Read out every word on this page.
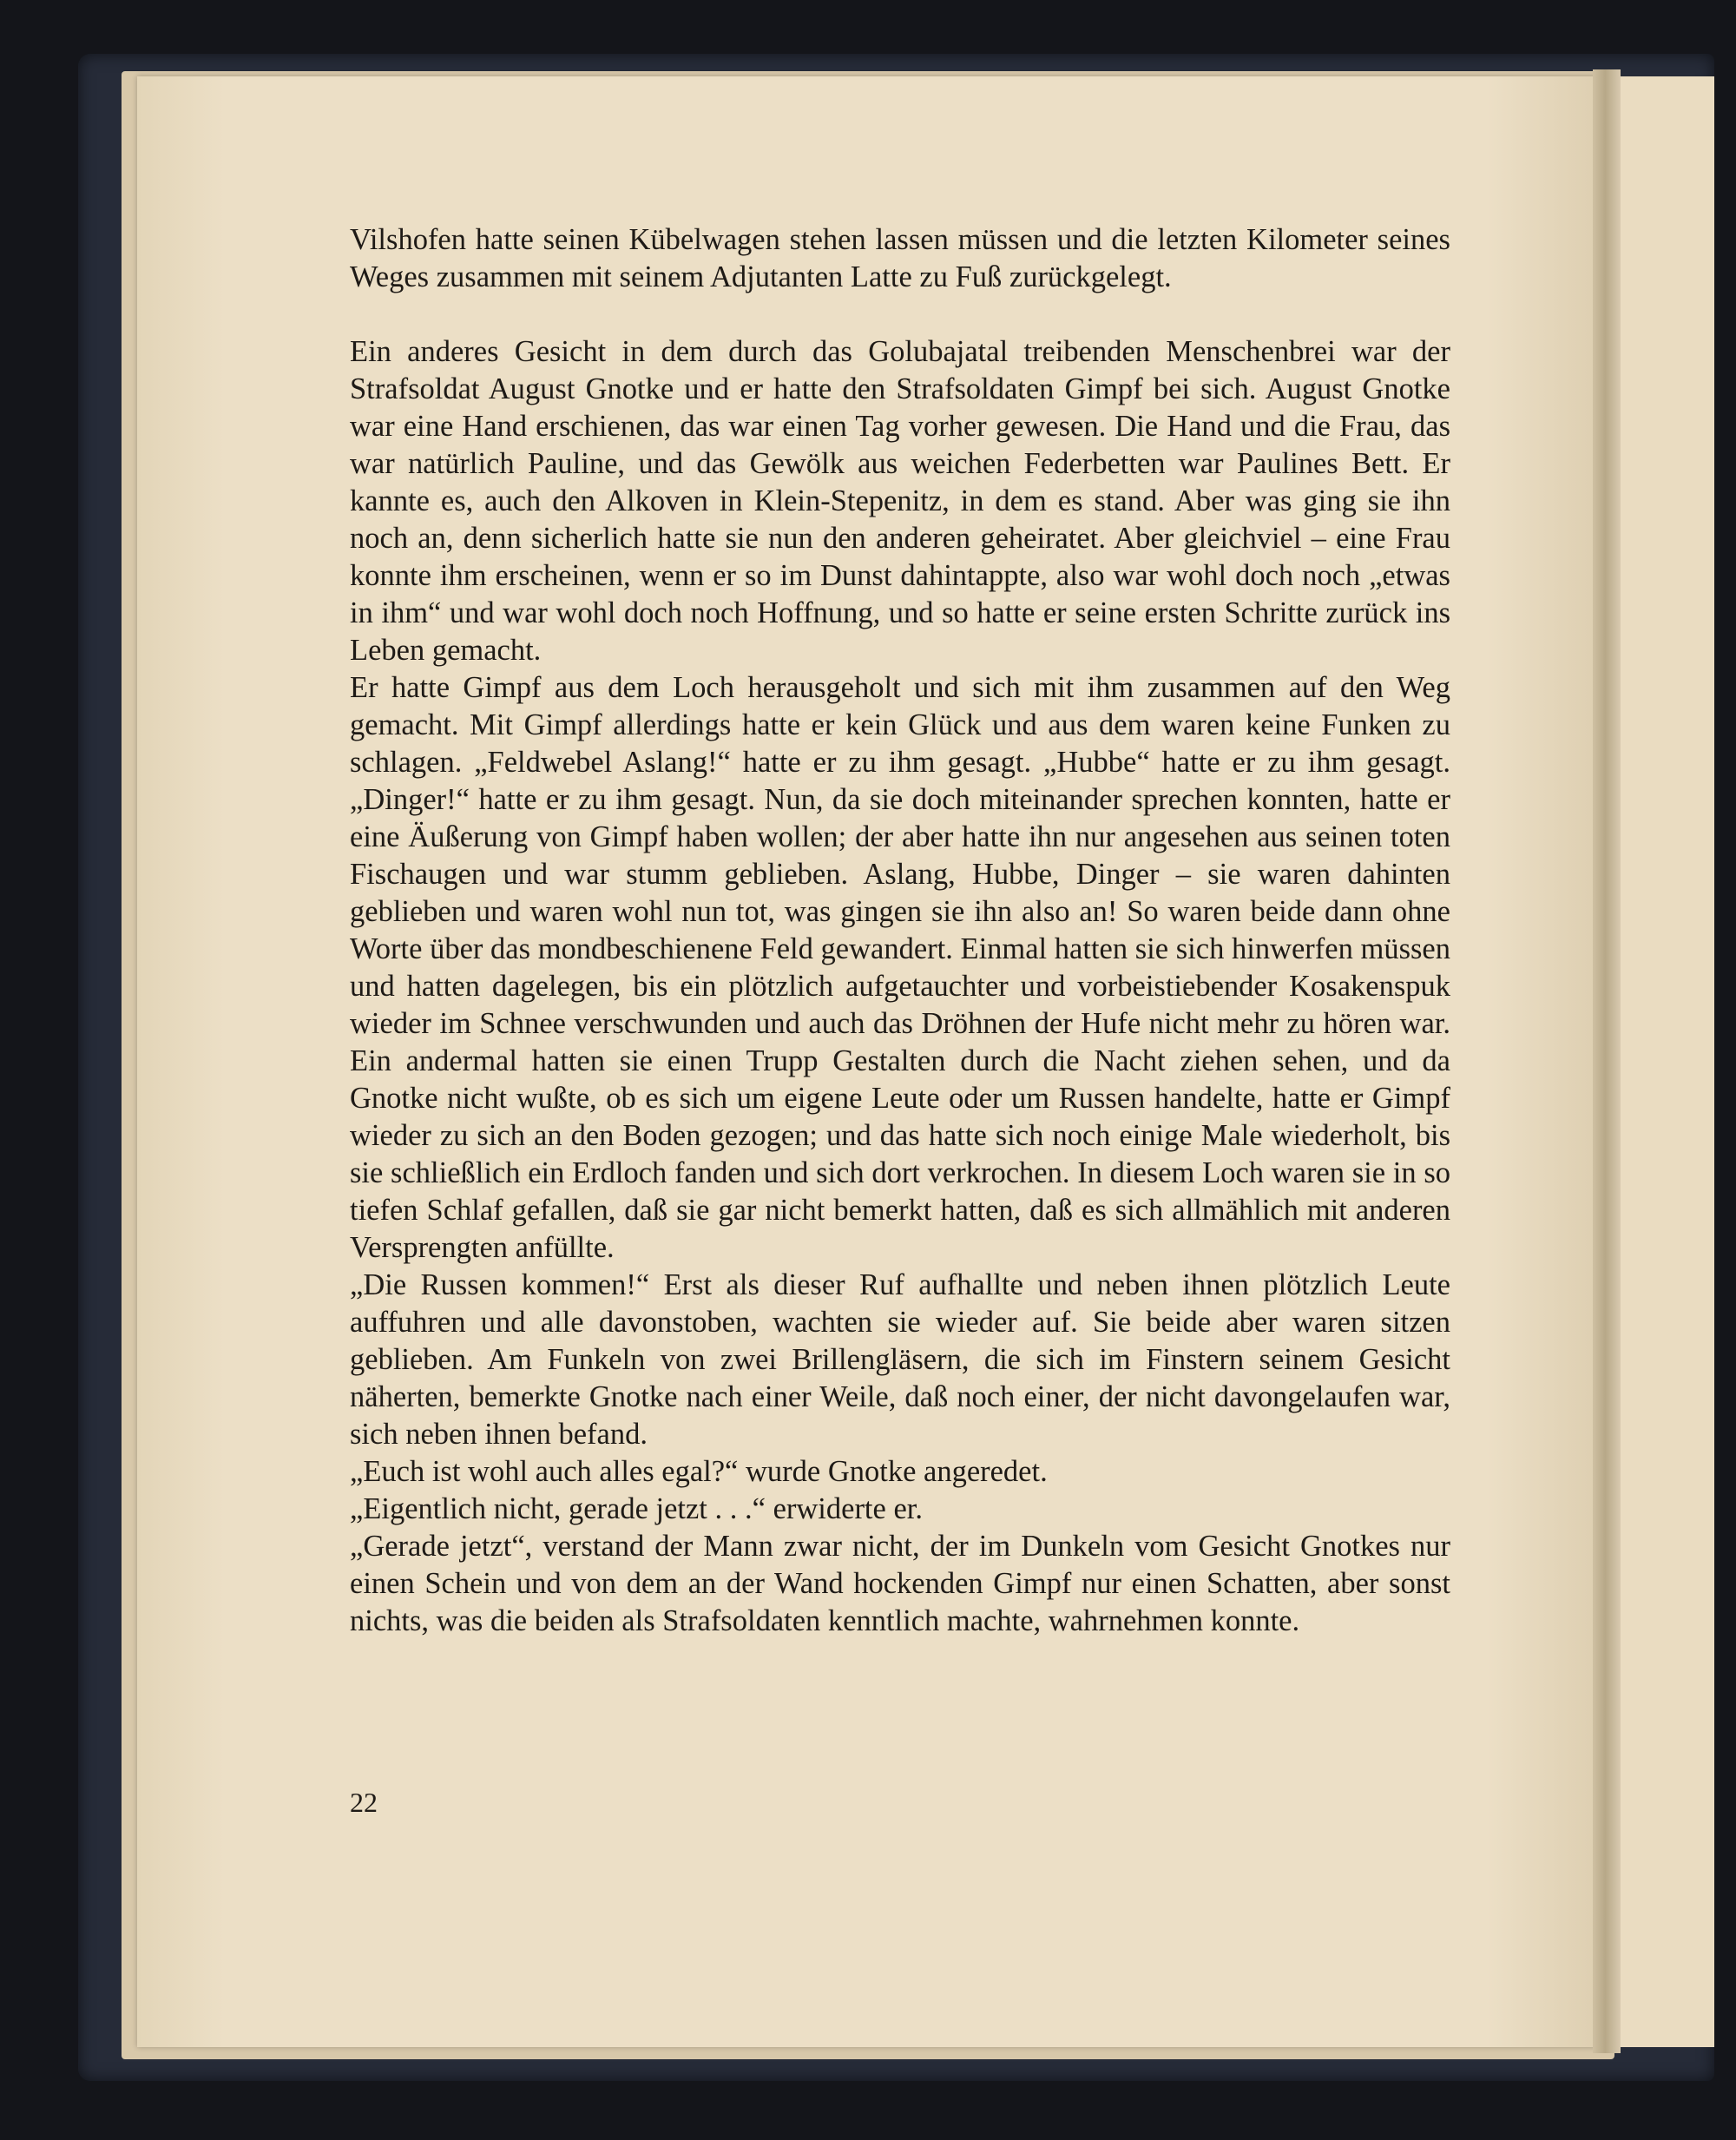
Vilshofen hatte seinen Kübelwagen stehen lassen müssen und die letzten Kilometer seines Weges zusammen mit seinem Adjutanten Latte zu Fuß zurückgelegt.

Ein anderes Gesicht in dem durch das Golubajatal treibenden Menschenbrei war der Strafsoldat August Gnotke und er hatte den Strafsoldaten Gimpf bei sich. August Gnotke war eine Hand erschienen, das war einen Tag vorher gewesen. Die Hand und die Frau, das war natürlich Pauline, und das Gewölk aus weichen Federbetten war Paulines Bett. Er kannte es, auch den Alkoven in Klein-Stepenitz, in dem es stand. Aber was ging sie ihn noch an, denn sicherlich hatte sie nun den anderen geheiratet. Aber gleichviel – eine Frau konnte ihm erscheinen, wenn er so im Dunst dahintappte, also war wohl doch noch „etwas in ihm“ und war wohl doch noch Hoffnung, und so hatte er seine ersten Schritte zurück ins Leben gemacht.

Er hatte Gimpf aus dem Loch herausgeholt und sich mit ihm zusammen auf den Weg gemacht. Mit Gimpf allerdings hatte er kein Glück und aus dem waren keine Funken zu schlagen. „Feldwebel Aslang!“ hatte er zu ihm gesagt. „Hubbe“ hatte er zu ihm gesagt. „Dinger!“ hatte er zu ihm gesagt. Nun, da sie doch miteinander sprechen konnten, hatte er eine Äußerung von Gimpf haben wollen; der aber hatte ihn nur angesehen aus seinen toten Fischaugen und war stumm geblieben. Aslang, Hubbe, Dinger – sie waren dahinten geblieben und waren wohl nun tot, was gingen sie ihn also an! So waren beide dann ohne Worte über das mondbeschienene Feld gewandert. Einmal hatten sie sich hinwerfen müssen und hatten dagelegen, bis ein plötzlich aufgetauchter und vorbeistiebender Kosakenspuk wieder im Schnee verschwunden und auch das Dröhnen der Hufe nicht mehr zu hören war. Ein andermal hatten sie einen Trupp Gestalten durch die Nacht ziehen sehen, und da Gnotke nicht wußte, ob es sich um eigene Leute oder um Russen handelte, hatte er Gimpf wieder zu sich an den Boden gezogen; und das hatte sich noch einige Male wiederholt, bis sie schließlich ein Erdloch fanden und sich dort verkrochen. In diesem Loch waren sie in so tiefen Schlaf gefallen, daß sie gar nicht bemerkt hatten, daß es sich allmählich mit anderen Versprengten anfüllte.

„Die Russen kommen!“ Erst als dieser Ruf aufhallte und neben ihnen plötzlich Leute auffuhren und alle davonstoben, wachten sie wieder auf. Sie beide aber waren sitzen geblieben. Am Funkeln von zwei Brillengläsern, die sich im Finstern seinem Gesicht näherten, bemerkte Gnotke nach einer Weile, daß noch einer, der nicht davongelaufen war, sich neben ihnen befand.

„Euch ist wohl auch alles egal?“ wurde Gnotke angeredet.

„Eigentlich nicht, gerade jetzt . . .“ erwiderte er.

„Gerade jetzt“, verstand der Mann zwar nicht, der im Dunkeln vom Gesicht Gnotkes nur einen Schein und von dem an der Wand hockenden Gimpf nur einen Schatten, aber sonst nichts, was die beiden als Strafsoldaten kenntlich machte, wahrnehmen konnte.

22
